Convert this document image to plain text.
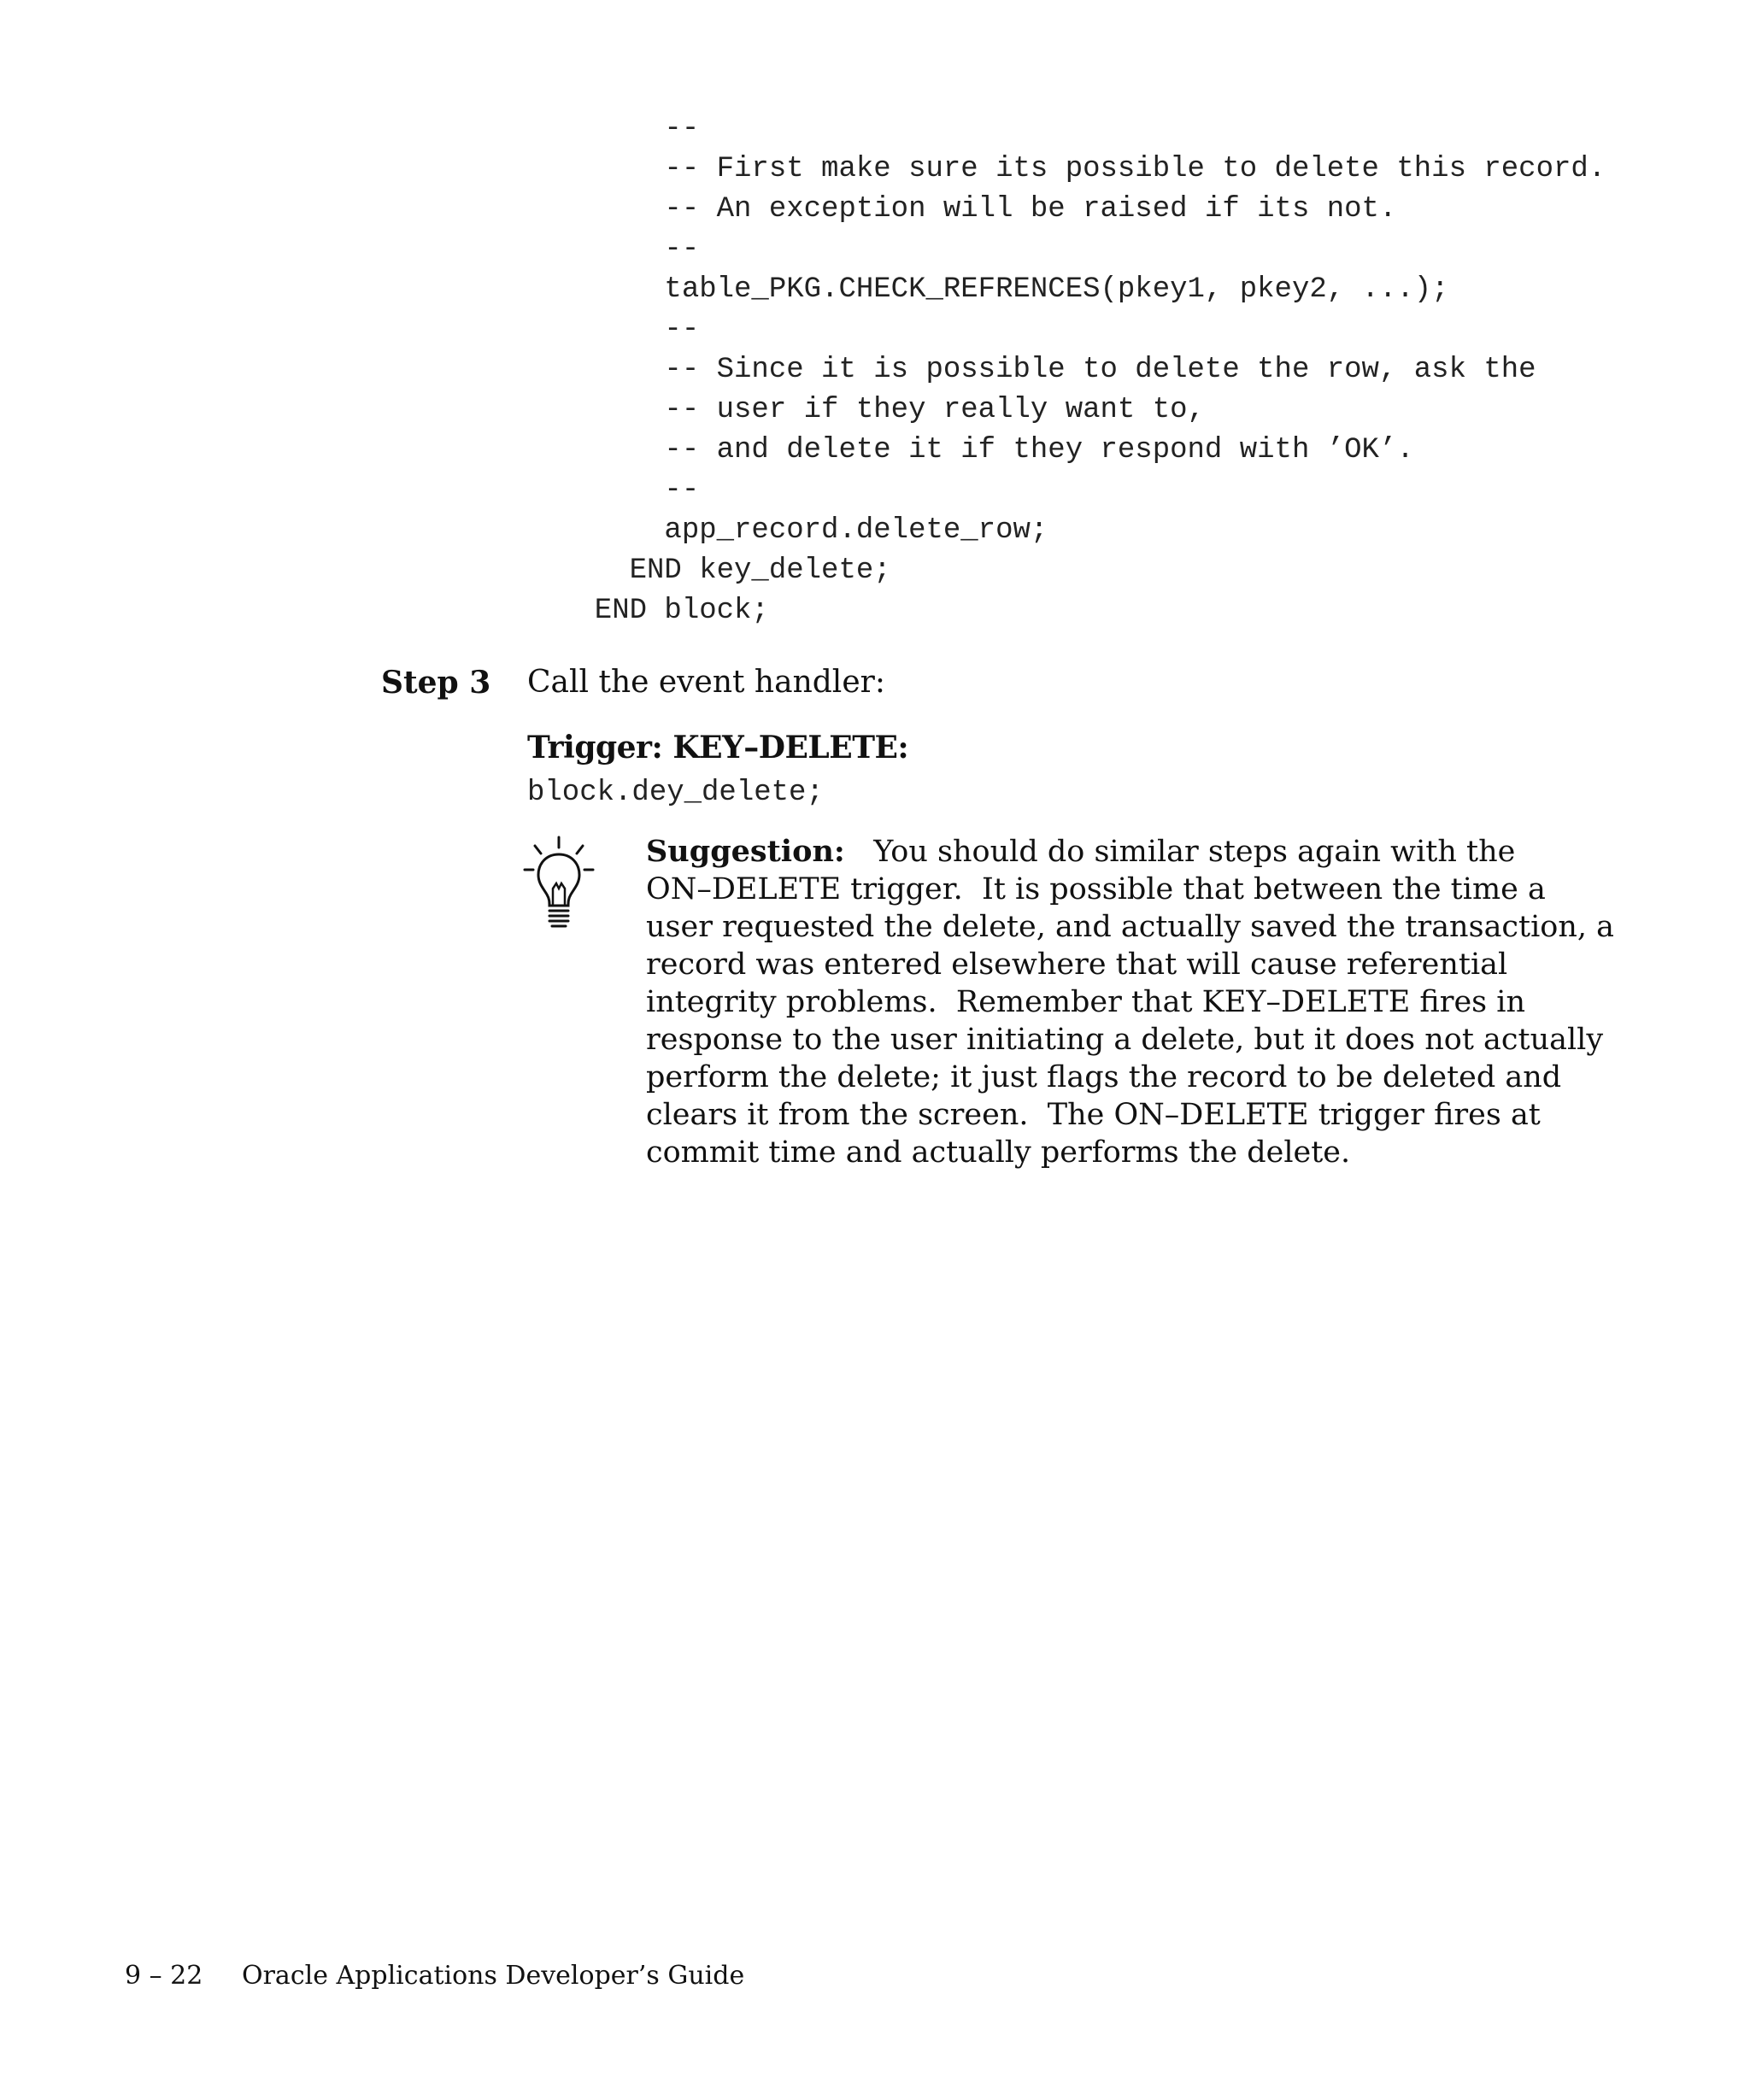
--
-- First make sure its possible to delete this record.
-- An exception will be raised if its not.
--
table_PKG.CHECK_REFRENCES(pkey1, pkey2, ...);
--
-- Since it is possible to delete the row, ask the
-- user if they really want to,
-- and delete it if they respond with ’OK’.
--
app_record.delete_row;
END key_delete;
END block;
Step 3 Call the event handler:
Trigger: KEY–DELETE:
block.dey_delete;
Suggestion:   You should do similar steps again with the
ON–DELETE trigger.  It is possible that between the time a
user requested the delete, and actually saved the transaction, a
record was entered elsewhere that will cause referential
integrity problems.  Remember that KEY–DELETE fires in
response to the user initiating a delete, but it does not actually
perform the delete; it just flags the record to be deleted and
clears it from the screen.  The ON–DELETE trigger fires at
commit time and actually performs the delete.
9 – 22 Oracle Applications Developer’s Guide
